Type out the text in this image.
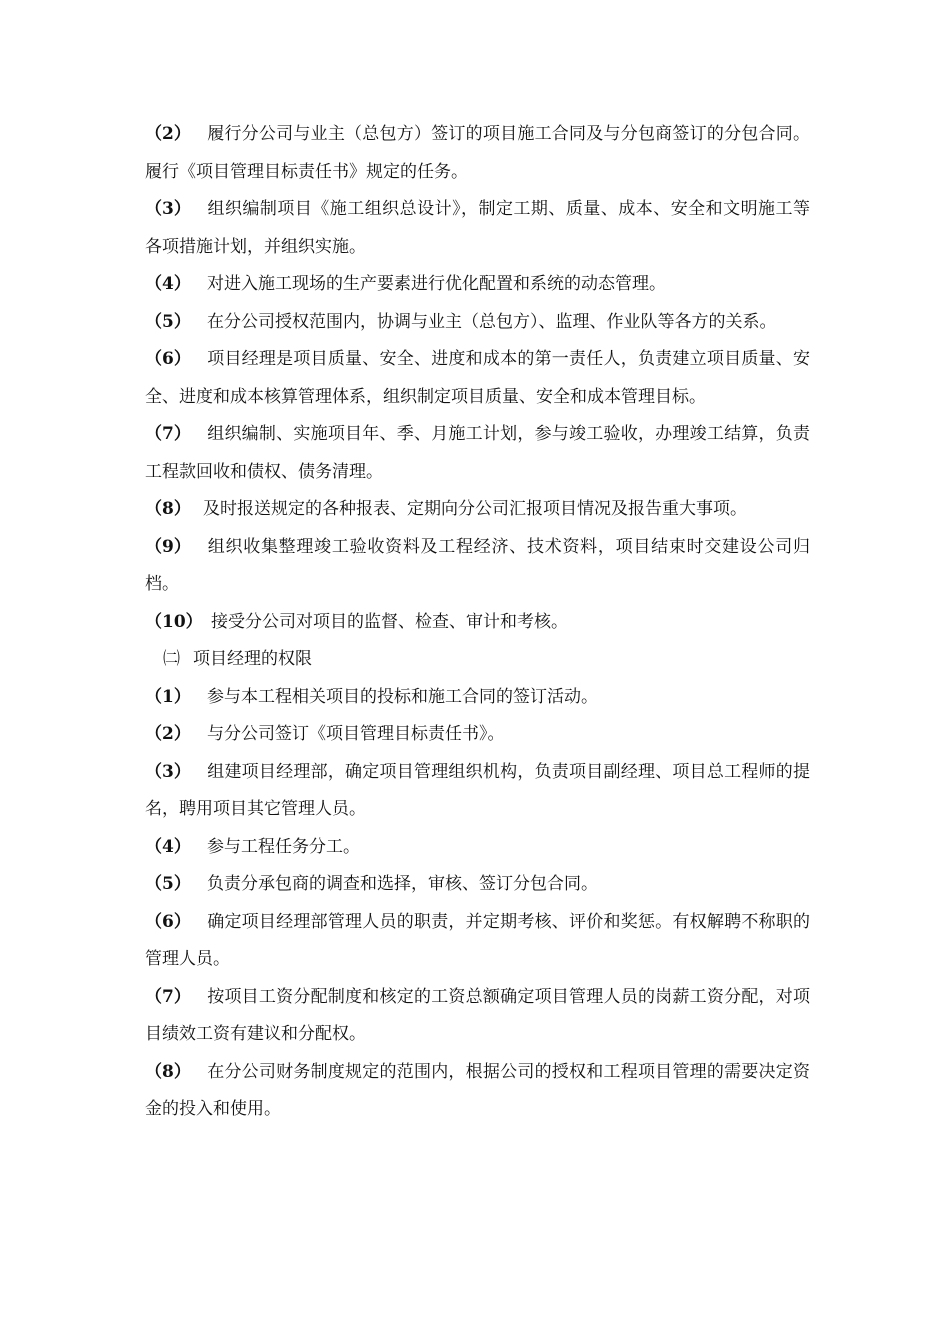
（2） 履行分公司与业主（总包方）签订的项目施工合同及与分包商签订的分包合同。履行《项目管理目标责任书》规定的任务。

（3） 组织编制项目《施工组织总设计》，制定工期、质量、成本、安全和文明施工等各项措施计划，并组织实施。

（4） 对进入施工现场的生产要素进行优化配置和系统的动态管理。

（5） 在分公司授权范围内，协调与业主（总包方）、监理、作业队等各方的关系。

（6） 项目经理是项目质量、安全、进度和成本的第一责任人，负责建立项目质量、安全、进度和成本核算管理体系，组织制定项目质量、安全和成本管理目标。

（7） 组织编制、实施项目年、季、月施工计划，参与竣工验收，办理竣工结算，负责工程款回收和债权、债务清理。

（8） 及时报送规定的各种报表、定期向分公司汇报项目情况及报告重大事项。

（9） 组织收集整理竣工验收资料及工程经济、技术资料，项目结束时交建设公司归档。

（10） 接受分公司对项目的监督、检查、审计和考核。

㈡ 项目经理的权限

（1） 参与本工程相关项目的投标和施工合同的签订活动。

（2） 与分公司签订《项目管理目标责任书》。

（3） 组建项目经理部，确定项目管理组织机构，负责项目副经理、项目总工程师的提名，聘用项目其它管理人员。

（4） 参与工程任务分工。

（5） 负责分承包商的调查和选择，审核、签订分包合同。

（6） 确定项目经理部管理人员的职责，并定期考核、评价和奖惩。有权解聘不称职的管理人员。

（7） 按项目工资分配制度和核定的工资总额确定项目管理人员的岗薪工资分配，对项目绩效工资有建议和分配权。

（8） 在分公司财务制度规定的范围内，根据公司的授权和工程项目管理的需要决定资金的投入和使用。
